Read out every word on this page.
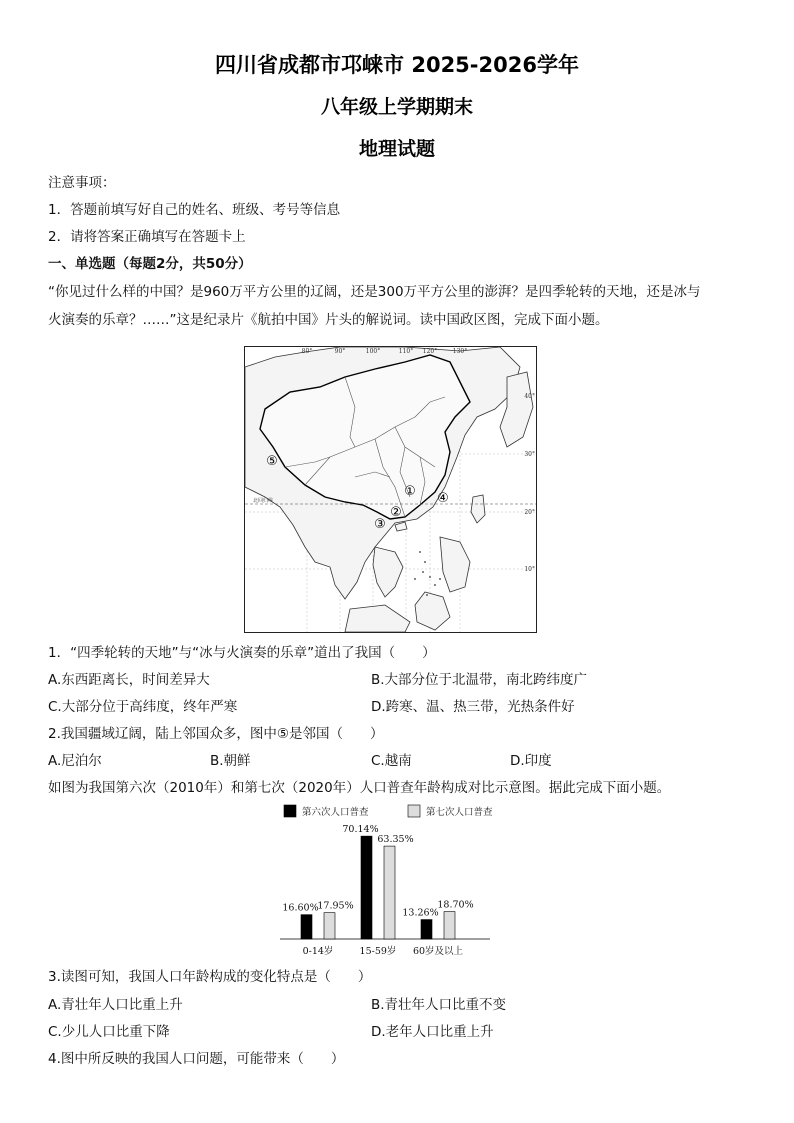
四川省成都市邛崃市 2025-2026学年
八年级上学期期末
地理试题
注意事项：
1．答题前填写好自己的姓名、班级、考号等信息
2．请将答案正确填写在答题卡上
一、单选题（每题2分，共50分）
“你见过什么样的中国？是960万平方公里的辽阔，还是300万平方公里的澎湃？是四季轮转的天地，还是冰与
火演奏的乐章？……”这是纪录片《航拍中国》片头的解说词。读中国政区图，完成下面小题。
80°	90°	100°	110° 120°	130°
40°
30°
20°
10°
①
②
③
④
⑤
北回归线
1．“四季轮转的天地”与“冰与火演奏的乐章”道出了我国（　　）
A.东西距离长，时间差异大	B.大部分位于北温带，南北跨纬度广
C.大部分位于高纬度，终年严寒	D.跨寒、温、热三带，光热条件好
2.我国疆域辽阔，陆上邻国众多，图中⑤是邻国（　　）
A.尼泊尔	B.朝鲜	C.越南	D.印度
如图为我国第六次（2010年）和第七次（2020年）人口普查年龄构成对比示意图。据此完成下面小题。
第六次人口普查	第七次人口普查
16.60%
17.95%
0-14岁
70.14%
63.35%
15-59岁
13.26%
18.70%
60岁及以上
3.读图可知，我国人口年龄构成的变化特点是（　　）
A.青壮年人口比重上升	B.青壮年人口比重不变
C.少儿人口比重下降	D.老年人口比重上升
4.图中所反映的我国人口问题，可能带来（　　）
